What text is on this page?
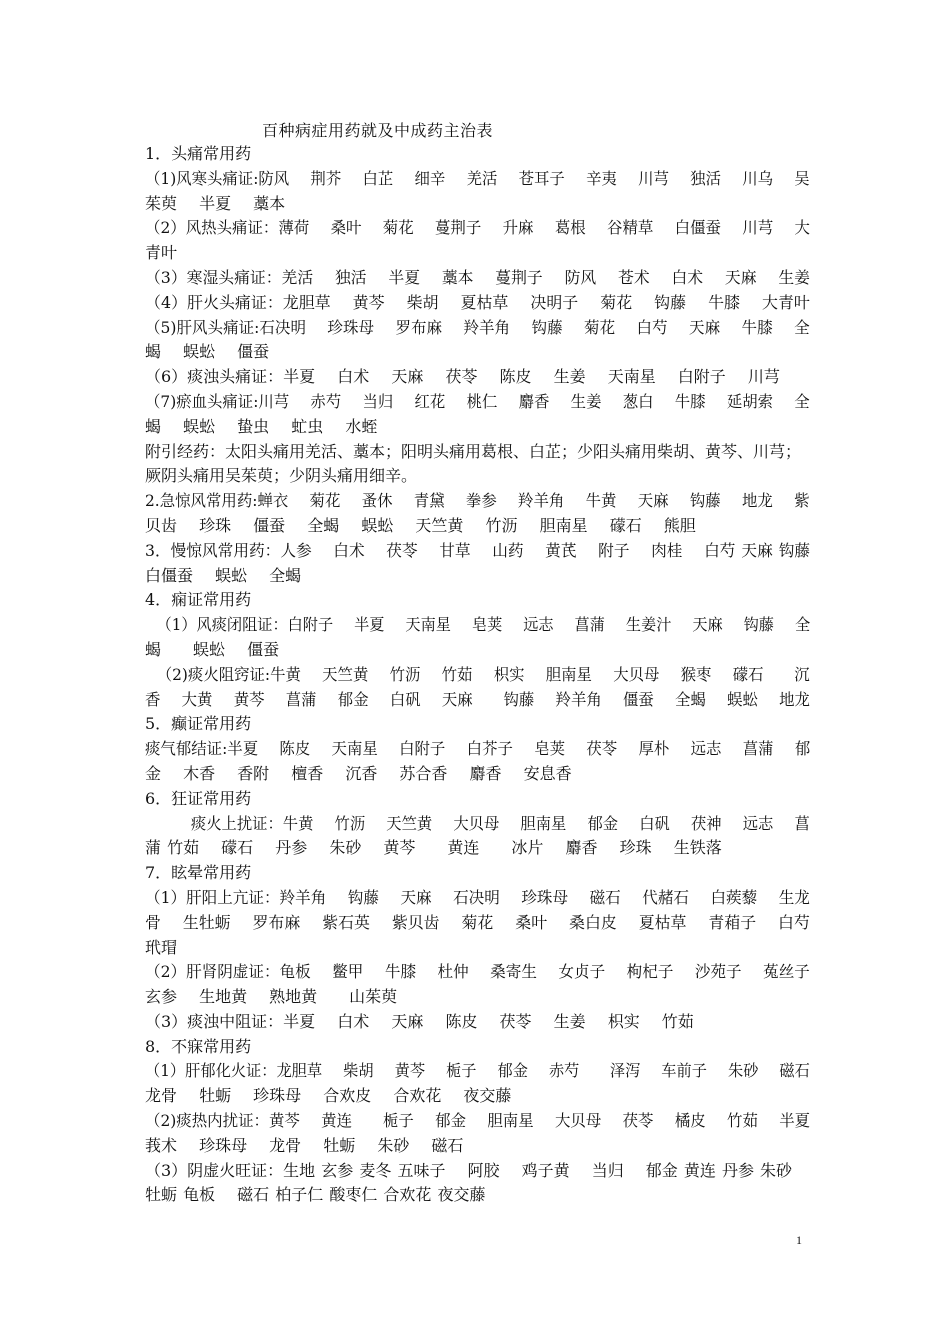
百种病症用药就及中成药主治表
1．头痛常用药
（1)风寒头痛证:防风　 荆芥　 白芷　 细辛　 羌活　 苍耳子　 辛夷　 川芎　 独活　 川乌　 吴
茱萸　 半夏　 藁本
（2）风热头痛证：薄荷　 桑叶　 菊花　 蔓荆子　 升麻　 葛根　 谷精草　 白僵蚕　 川芎　 大
青叶
（3）寒湿头痛证：羌活　 独活　 半夏　 藁本　 蔓荆子　 防风　 苍术　 白术　 天麻　 生姜
（4）肝火头痛证：龙胆草　 黄芩　 柴胡　 夏枯草　 决明子　 菊花　 钩藤　 牛膝　 大青叶
（5)肝风头痛证:石决明　 珍珠母　 罗布麻　 羚羊角　 钩藤　 菊花　 白芍　 天麻　 牛膝　 全
蝎　 蜈蚣　 僵蚕
（6）痰浊头痛证：半夏　 白术　 天麻　 茯苓　 陈皮　 生姜　 天南星　 白附子　 川芎
（7)瘀血头痛证:川芎　 赤芍　 当归　 红花　 桃仁　 麝香　 生姜　 葱白　 牛膝　 延胡索　 全
蝎　 蜈蚣　 蛰虫　 虻虫　 水蛭
附引经药：太阳头痛用羌活、藁本；阳明头痛用葛根、白芷；少阳头痛用柴胡、黄芩、川芎；
厥阴头痛用吴茱萸；少阴头痛用细辛。
2.急惊风常用药:蝉衣　 菊花　 蚤休　 青黛　 拳参　 羚羊角　 牛黄　 天麻　 钩藤　 地龙　 紫
贝齿　 珍珠　 僵蚕　 全蝎　 蜈蚣　 天竺黄　 竹沥　 胆南星　 礞石　 熊胆
3．慢惊风常用药：人参　 白术　 茯苓　 甘草　 山药　 黄芪　 附子　 肉桂　 白芍 天麻 钩藤
白僵蚕　 蜈蚣　 全蝎
4．痫证常用药
（1）风痰闭阻证：白附子　 半夏　 天南星　 皂荚　 远志　 菖蒲　 生姜汁　 天麻　 钩藤　 全
蝎　　蜈蚣　 僵蚕
（2)痰火阻窍证:牛黄　 天竺黄　 竹沥　 竹茹　 枳实　 胆南星　 大贝母　 猴枣　 礞石　　沉
香　 大黄　 黄芩　 菖蒲　 郁金　 白矾　 天麻　　钩藤　 羚羊角　 僵蚕　 全蝎　 蜈蚣　 地龙
5．癫证常用药
痰气郁结证:半夏　 陈皮　 天南星　 白附子　 白芥子　 皂荚　 茯苓　 厚朴　 远志　 菖蒲　 郁
金　 木香　 香附　 檀香　 沉香　 苏合香　 麝香　 安息香
6．狂证常用药
　　　痰火上扰证：牛黄　 竹沥　 天竺黄　 大贝母　 胆南星　 郁金　 白矾　 茯神　 远志　 菖
蒲 竹茹　 礞石　 丹参　 朱砂　 黄芩　　黄连　　冰片　 麝香　 珍珠　 生铁落
7．眩晕常用药
（1）肝阳上亢证：羚羊角　 钩藤　 天麻　 石决明　 珍珠母　 磁石　 代赭石　 白蒺藜　 生龙
骨　 生牡蛎　 罗布麻　 紫石英　 紫贝齿　 菊花　 桑叶　 桑白皮　 夏枯草　 青葙子　 白芍
玳瑁
（2）肝肾阴虚证：龟板　 鳖甲　 牛膝　 杜仲　 桑寄生　 女贞子　 枸杞子　 沙苑子　 菟丝子
玄参　 生地黄　 熟地黄　　山茱萸
（3）痰浊中阻证：半夏　 白术　 天麻　 陈皮　 茯苓　 生姜　 枳实　 竹茹
8．不寐常用药
（1）肝郁化火证：龙胆草　 柴胡　 黄芩　 栀子　 郁金　 赤芍　　泽泻　 车前子　 朱砂　 磁石
龙骨　 牡蛎　 珍珠母　 合欢皮　 合欢花　 夜交藤
（2)痰热内扰证：黄芩　 黄连　　栀子　 郁金　 胆南星　 大贝母　 茯苓　 橘皮　 竹茹　 半夏
莪术　 珍珠母　 龙骨　 牡蛎　 朱砂　 磁石
（3）阴虚火旺证：生地 玄参 麦冬 五味子　 阿胶　 鸡子黄　 当归　 郁金 黄连 丹参 朱砂
牡蛎 龟板　 磁石 柏子仁 酸枣仁 合欢花 夜交藤
1
